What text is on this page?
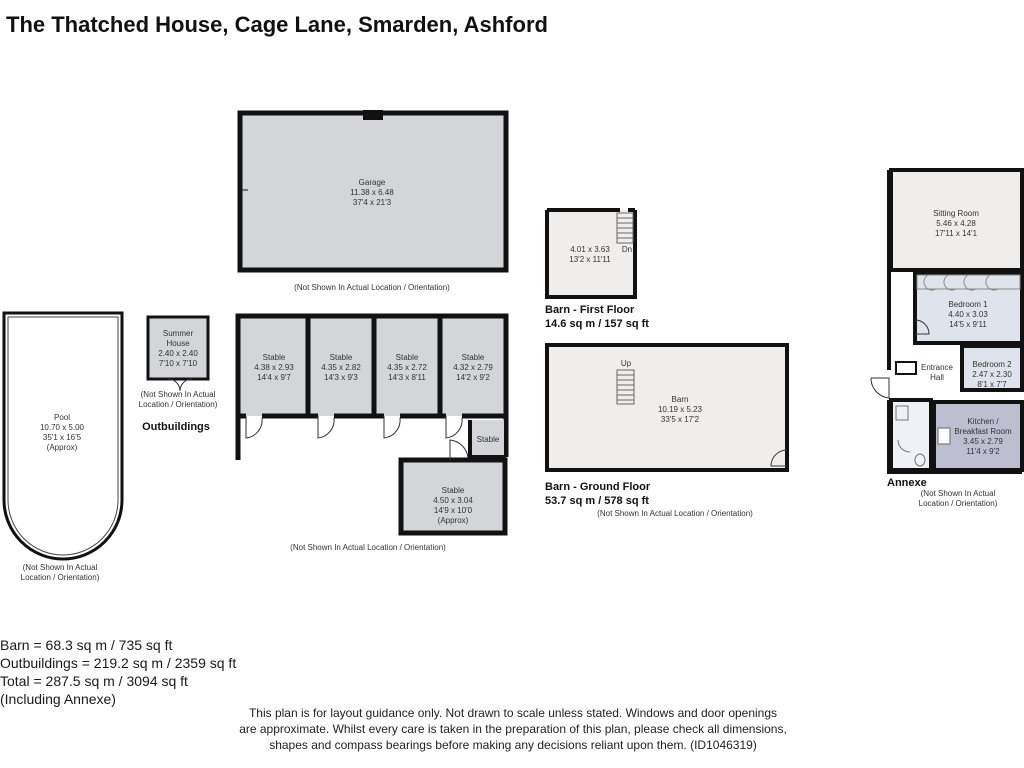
The Thatched House, Cage Lane, Smarden, Ashford
Garage
11.38 x 6.48
37'4 x 21'3
(Not Shown In Actual Location / Orientation)
Pool
10.70 x 5.00
35'1 x 16'5
(Approx)
(Not Shown In Actual
Location / Orientation)
Summer
House
2.40 x 2.40
7'10 x 7'10
(Not Shown In Actual
Location / Orientation)
Outbuildings
Stable
4.38 x 2.93
14'4 x 9'7
Stable
4.35 x 2.82
14'3 x 9'3
Stable
4.35 x 2.72
14'3 x 8'11
Stable
4.32 x 2.79
14'2 x 9'2
Stable
Stable
4.50 x 3.04
14'9 x 10'0
(Approx)
(Not Shown In Actual Location / Orientation)
Dn
4.01 x 3.63
13'2 x 11'11
Barn - First Floor
14.6 sq m / 157 sq ft
Up
Barn
10.19 x 5.23
33'5 x 17'2
Barn - Ground Floor
53.7 sq m / 578 sq ft
(Not Shown In Actual Location / Orientation)
Sitting Room
5.46 x 4.28
17'11 x 14'1
Bedroom 1
4.40 x 3.03
14'5 x 9'11
Entrance
Hall
Bedroom 2
2.47 x 2.30
8'1 x 7'7
Kitchen /
Breakfast Room
3.45 x 2.79
11'4 x 9'2
Annexe
(Not Shown In Actual
Location / Orientation)
Barn = 68.3 sq m / 735 sq ft
Outbuildings = 219.2 sq m / 2359 sq ft
Total = 287.5 sq m / 3094 sq ft
(Including Annexe)
This plan is for layout guidance only. Not drawn to scale unless stated. Windows and door openings
are approximate. Whilst every care is taken in the preparation of this plan, please check all dimensions,
shapes and compass bearings before making any decisions reliant upon them. (ID1046319)
